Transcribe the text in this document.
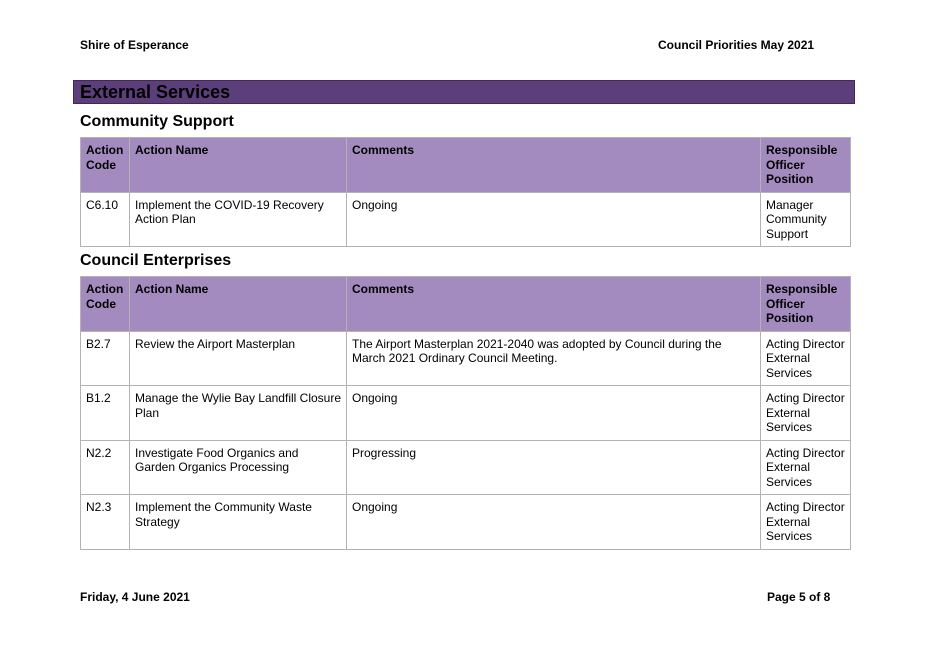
Shire of Esperance	Council Priorities May 2021
External Services
Community Support
Action Code	Action Name	Comments	Responsible Officer Position
C6.10	Implement the COVID-19 Recovery Action Plan	Ongoing	Manager Community Support
Council Enterprises
Action Code	Action Name	Comments	Responsible Officer Position
B2.7	Review the Airport Masterplan	The Airport Masterplan 2021-2040 was adopted by Council during the March 2021 Ordinary Council Meeting.	Acting Director External Services
B1.2	Manage the Wylie Bay Landfill Closure Plan	Ongoing	Acting Director External Services
N2.2	Investigate Food Organics and Garden Organics Processing	Progressing	Acting Director External Services
N2.3	Implement the Community Waste Strategy	Ongoing	Acting Director External Services
Friday, 4 June 2021	Page 5 of 8
